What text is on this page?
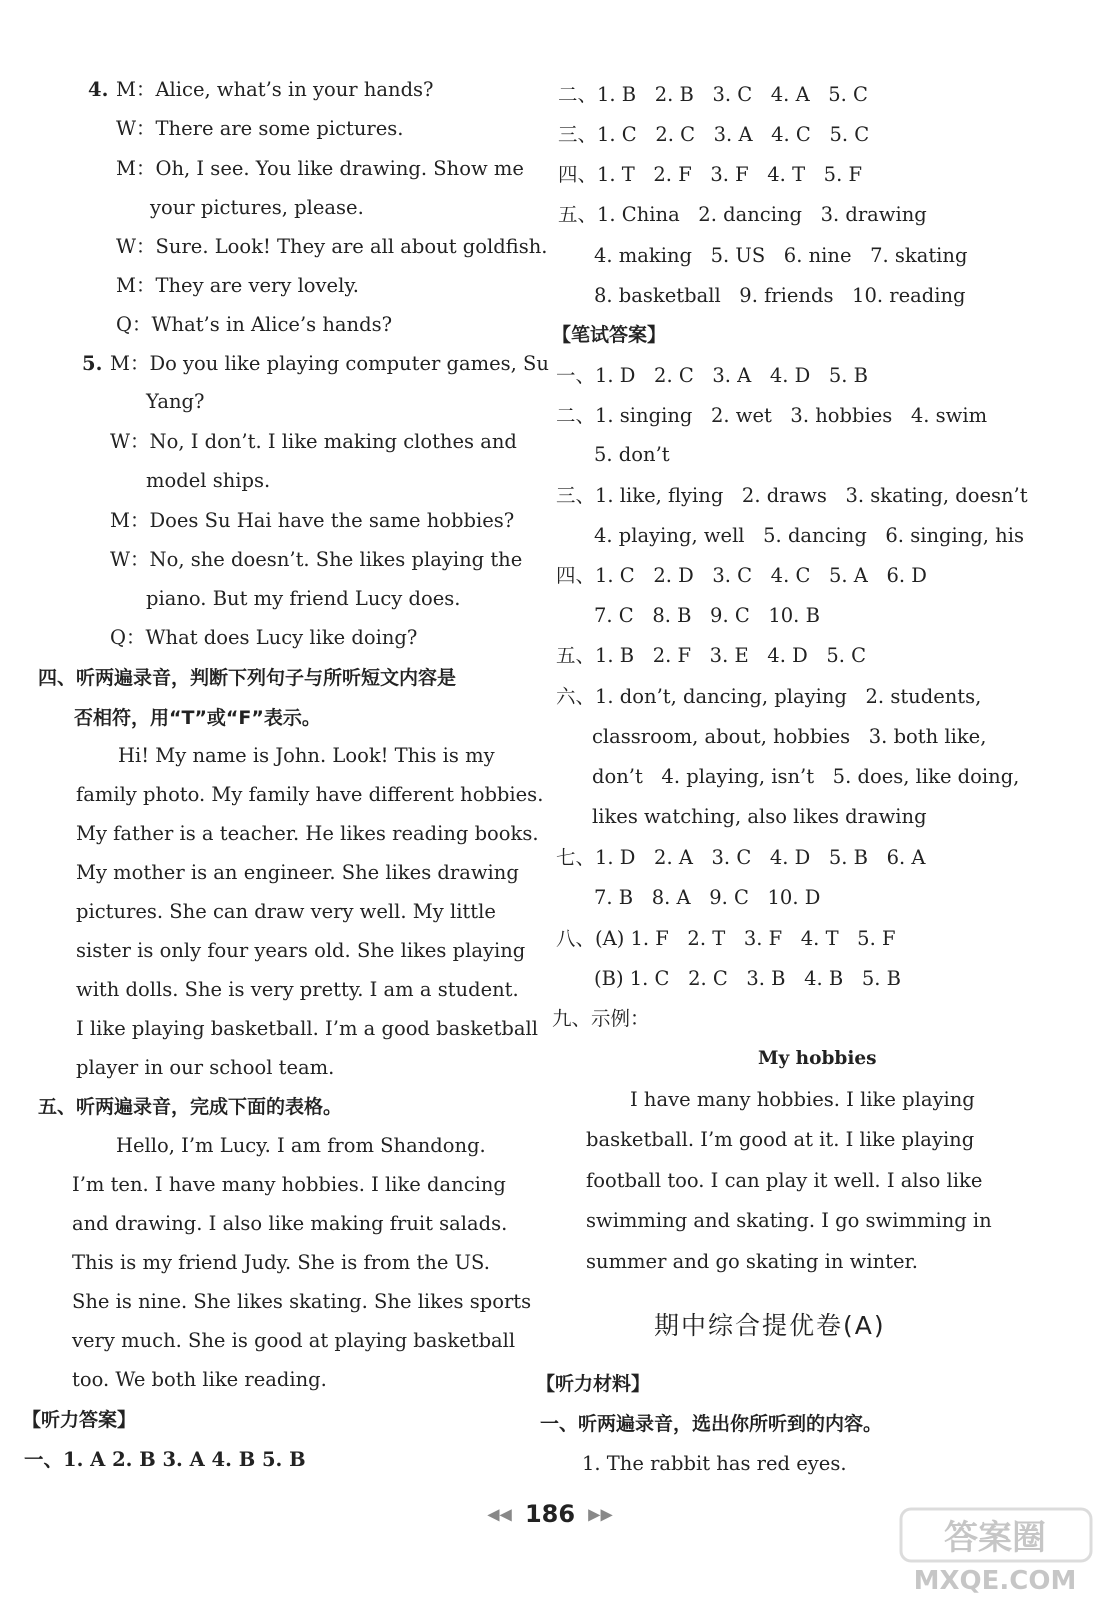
4. M：Alice, what’s in your hands?
W：There are some pictures.
M：Oh, I see. You like drawing. Show me
your pictures, please.
W：Sure. Look! They are all about goldfish.
M：They are very lovely.
Q：What’s in Alice’s hands?
5. M：Do you like playing computer games, Su
Yang?
W：No, I don’t. I like making clothes and
model ships.
M：Does Su Hai have the same hobbies?
W：No, she doesn’t. She likes playing the
piano. But my friend Lucy does.
Q：What does Lucy like doing?
四、听两遍录音，判断下列句子与所听短文内容是
否相符，用“T”或“F”表示。
Hi! My name is John. Look! This is my
family photo. My family have different hobbies.
My father is a teacher. He likes reading books.
My mother is an engineer. She likes drawing
pictures. She can draw very well. My little
sister is only four years old. She likes playing
with dolls. She is very pretty. I am a student.
I like playing basketball. I’m a good basketball
player in our school team.
五、听两遍录音，完成下面的表格。
Hello, I’m Lucy. I am from Shandong.
I’m ten. I have many hobbies. I like dancing
and drawing. I also like making fruit salads.
This is my friend Judy. She is from the US.
She is nine. She likes skating. She likes sports
very much. She is good at playing basketball
too. We both like reading.
【听力答案】
一、1. A 2. B 3. A 4. B 5. B
二、1. B   2. B   3. C   4. A   5. C
三、1. C   2. C   3. A   4. C   5. C
四、1. T   2. F   3. F   4. T   5. F
五、1. China   2. dancing   3. drawing
4. making   5. US   6. nine   7. skating
8. basketball   9. friends   10. reading
【笔试答案】
一、1. D   2. C   3. A   4. D   5. B
二、1. singing   2. wet   3. hobbies   4. swim
5. don’t
三、1. like, flying   2. draws   3. skating, doesn’t
4. playing, well   5. dancing   6. singing, his
四、1. C   2. D   3. C   4. C   5. A   6. D
7. C   8. B   9. C   10. B
五、1. B   2. F   3. E   4. D   5. C
六、1. don’t, dancing, playing   2. students,
classroom, about, hobbies   3. both like,
don’t   4. playing, isn’t   5. does, like doing,
likes watching, also likes drawing
七、1. D   2. A   3. C   4. D   5. B   6. A
7. B   8. A   9. C   10. D
八、(A) 1. F   2. T   3. F   4. T   5. F
(B) 1. C   2. C   3. B   4. B   5. B
九、示例：
My hobbies
I have many hobbies. I like playing
basketball. I’m good at it. I like playing
football too. I can play it well. I also like
swimming and skating. I go swimming in
summer and go skating in winter.
期中综合提优卷(A)
【听力材料】
一、听两遍录音，选出你所听到的内容。
1. The rabbit has red eyes.
◀◀ 186 ▶▶
答案圈
MXQE.COM
